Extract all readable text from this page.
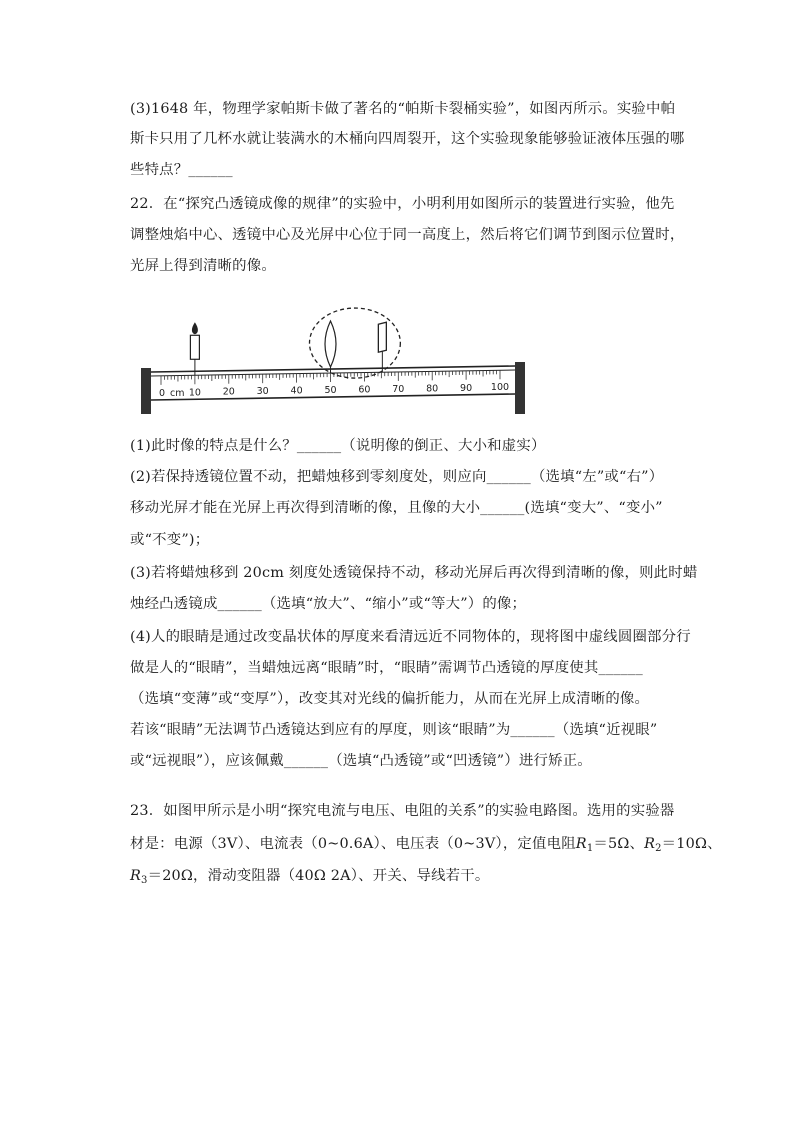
(3)1648 年，物理学家帕斯卡做了著名的“帕斯卡裂桶实验”，如图丙所示。实验中帕
斯卡只用了几杯水就让装满水的木桶向四周裂开，这个实验现象能够验证液体压强的哪
些特点？______
22．在“探究凸透镜成像的规律”的实验中，小明利用如图所示的装置进行实验，他先
调整烛焰中心、透镜中心及光屏中心位于同一高度上，然后将它们调节到图示位置时，
光屏上得到清晰的像。
0	10 20 30 40 50 60 70 80 90 100
cm
(1)此时像的特点是什么？______（说明像的倒正、大小和虚实）
(2)若保持透镜位置不动，把蜡烛移到零刻度处，则应向______（选填“左”或“右”）
移动光屏才能在光屏上再次得到清晰的像，且像的大小______(选填“变大”、“变小”
或“不变”)；
(3)若将蜡烛移到 20cm 刻度处透镜保持不动，移动光屏后再次得到清晰的像，则此时蜡
烛经凸透镜成______（选填“放大”、“缩小”或“等大”）的像；
(4)人的眼睛是通过改变晶状体的厚度来看清远近不同物体的，现将图中虚线圆圈部分行
做是人的“眼睛”，当蜡烛远离“眼睛”时，“眼睛”需调节凸透镜的厚度使其______
（选填“变薄”或“变厚”），改变其对光线的偏折能力，从而在光屏上成清晰的像。
若该“眼睛”无法调节凸透镜达到应有的厚度，则该“眼睛”为______（选填“近视眼”
或“远视眼”），应该佩戴______（选填“凸透镜”或“凹透镜”）进行矫正。
23．如图甲所示是小明“探究电流与电压、电阻的关系”的实验电路图。选用的实验器
材是：电源（3V）、电流表（0~0.6A）、电压表（0~3V），定值电阻$R_1=5\Omega$、$R_2=10\Omega$、
$R_3=20\Omega$，滑动变阻器（40Ω 2A）、开关、导线若干。
